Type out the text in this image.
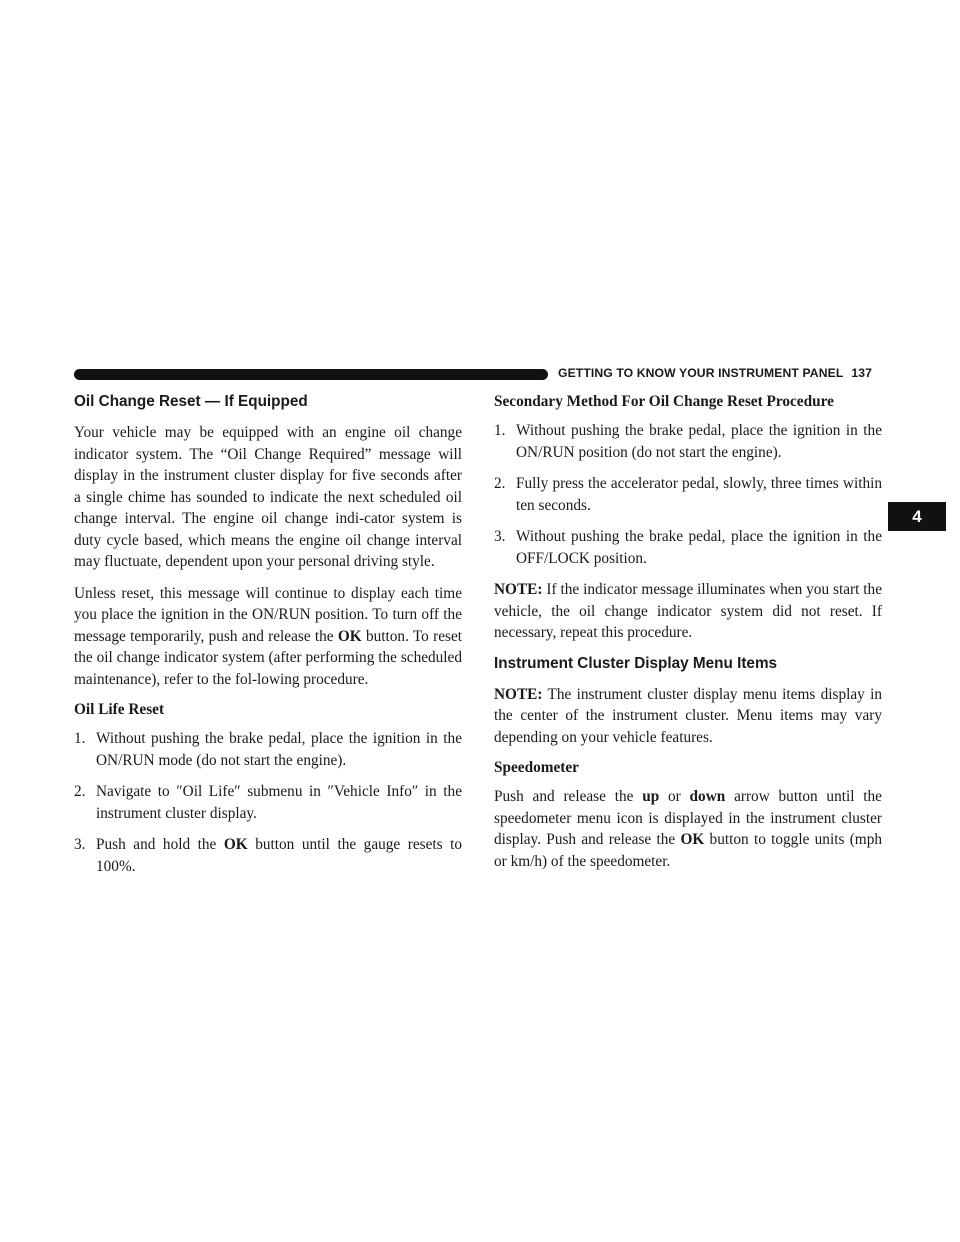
GETTING TO KNOW YOUR INSTRUMENT PANEL 137
4
Oil Change Reset — If Equipped

Your vehicle may be equipped with an engine oil change indicator system. The “Oil Change Required” message will display in the instrument cluster display for five seconds after a single chime has sounded to indicate the next scheduled oil change interval. The engine oil change indi-cator system is duty cycle based, which means the engine oil change interval may fluctuate, dependent upon your personal driving style.

Unless reset, this message will continue to display each time you place the ignition in the ON/RUN position. To turn off the message temporarily, push and release the OK button. To reset the oil change indicator system (after performing the scheduled maintenance), refer to the fol-lowing procedure.

Oil Life Reset
1. Without pushing the brake pedal, place the ignition in the ON/RUN mode (do not start the engine).
2. Navigate to ″Oil Life″ submenu in ″Vehicle Info″ in the instrument cluster display.
3. Push and hold the OK button until the gauge resets to 100%.
Secondary Method For Oil Change Reset Procedure
1. Without pushing the brake pedal, place the ignition in the ON/RUN position (do not start the engine).
2. Fully press the accelerator pedal, slowly, three times within ten seconds.
3. Without pushing the brake pedal, place the ignition in the OFF/LOCK position.

NOTE: If the indicator message illuminates when you start the vehicle, the oil change indicator system did not reset. If necessary, repeat this procedure.

Instrument Cluster Display Menu Items

NOTE: The instrument cluster display menu items display in the center of the instrument cluster. Menu items may vary depending on your vehicle features.

Speedometer

Push and release the up or down arrow button until the speedometer menu icon is displayed in the instrument cluster display. Push and release the OK button to toggle units (mph or km/h) of the speedometer.
